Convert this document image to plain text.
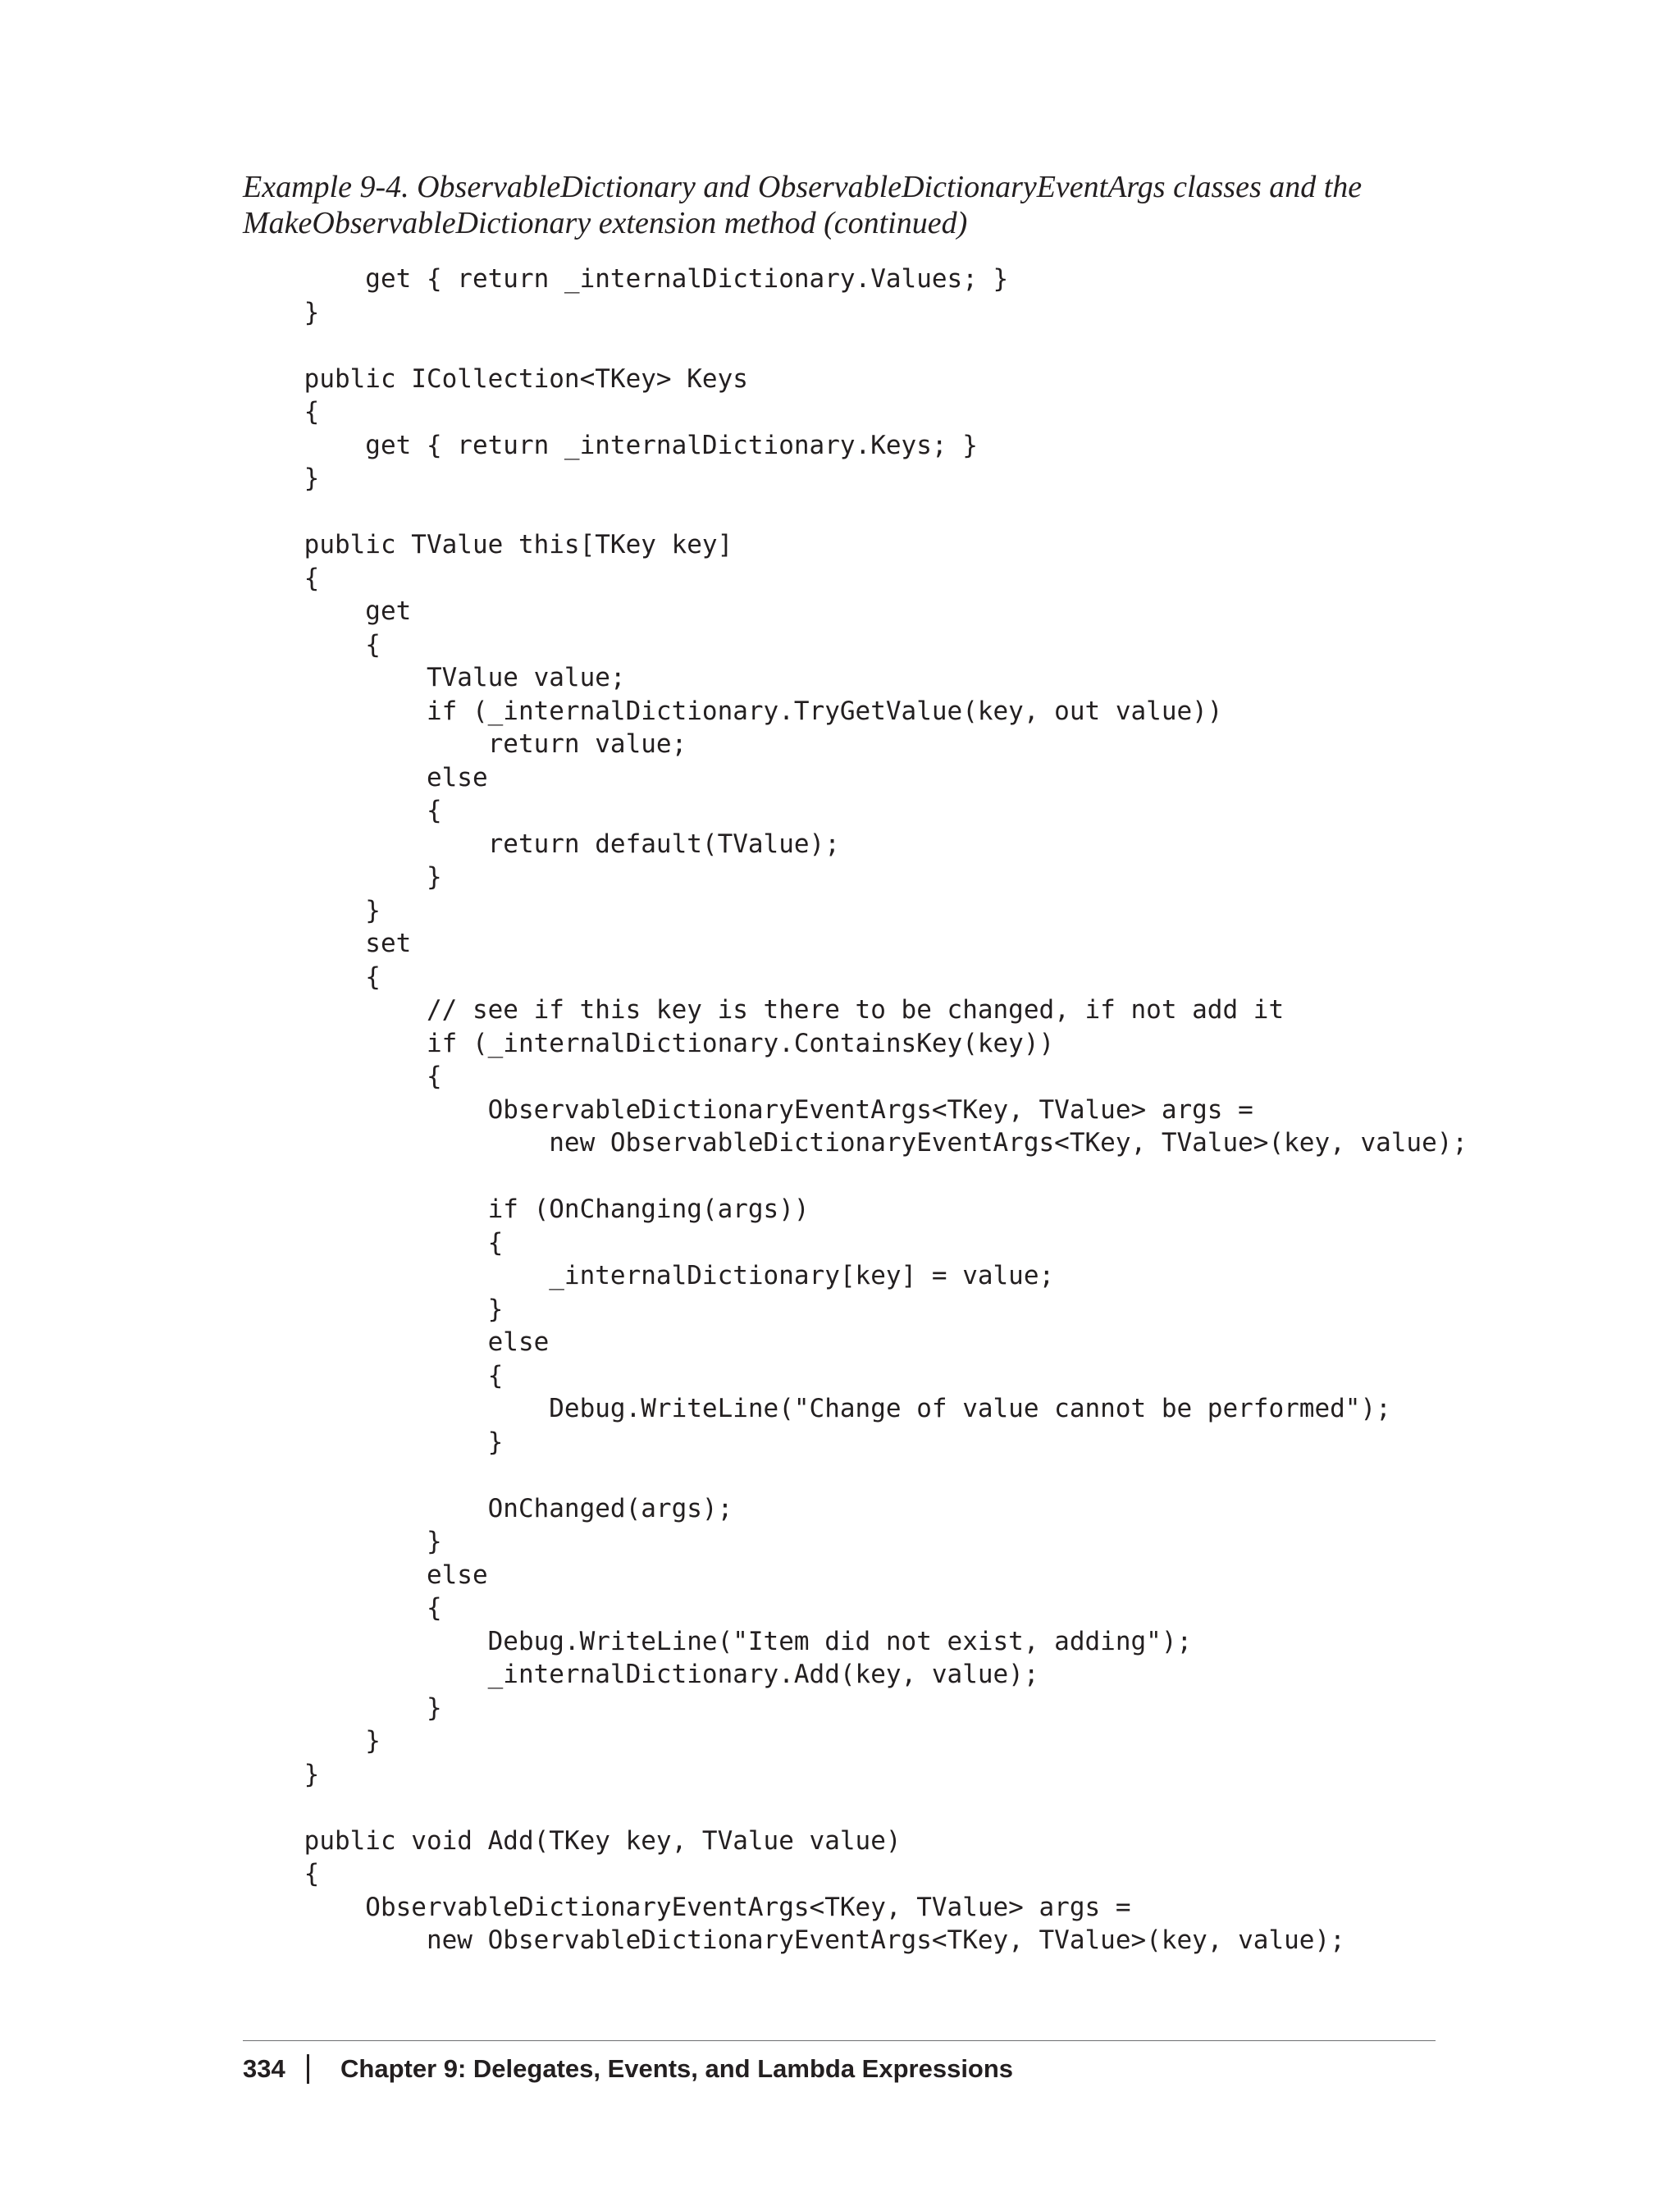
Example 9-4. ObservableDictionary and ObservableDictionaryEventArgs classes and the
MakeObservableDictionary extension method (continued)
get { return _internalDictionary.Values; }
}
public ICollection<TKey> Keys
{
get { return _internalDictionary.Keys; }
}
public TValue this[TKey key]
{
get
{
TValue value;
if (_internalDictionary.TryGetValue(key, out value))
return value;
else
{
return default(TValue);
}
}
set
{
// see if this key is there to be changed, if not add it
if (_internalDictionary.ContainsKey(key))
{
ObservableDictionaryEventArgs<TKey, TValue> args =
new ObservableDictionaryEventArgs<TKey, TValue>(key, value);
if (OnChanging(args))
{
_internalDictionary[key] = value;
}
else
{
Debug.WriteLine("Change of value cannot be performed");
}
OnChanged(args);
}
else
{
Debug.WriteLine("Item did not exist, adding");
_internalDictionary.Add(key, value);
}
}
}
public void Add(TKey key, TValue value)
{
ObservableDictionaryEventArgs<TKey, TValue> args =
new ObservableDictionaryEventArgs<TKey, TValue>(key, value);
334	Chapter 9: Delegates, Events, and Lambda Expressions
